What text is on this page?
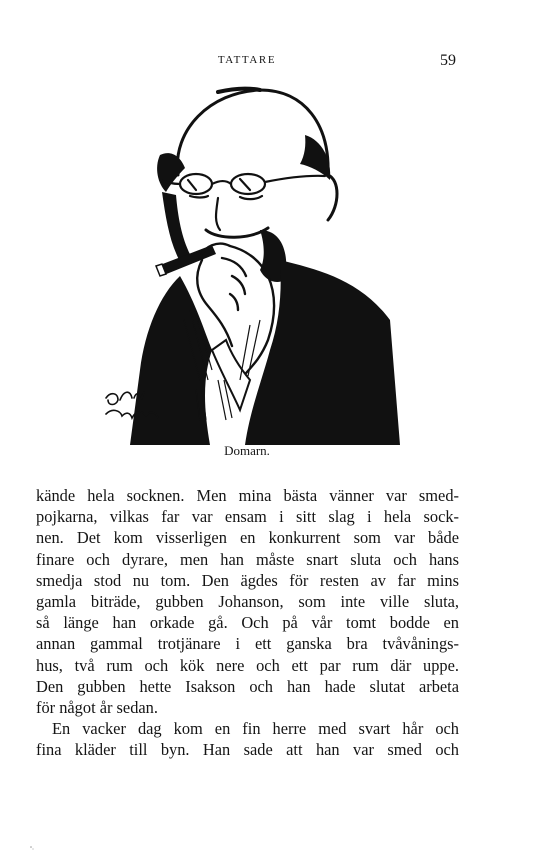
TATTARE	59
Domarn.
kände hela socknen. Men mina bästa vänner var smed-
pojkarna, vilkas far var ensam i sitt slag i hela sock-
nen. Det kom visserligen en konkurrent som var både
finare och dyrare, men han måste snart sluta och hans
smedja stod nu tom. Den ägdes för resten av far mins
gamla biträde, gubben Johanson, som inte ville sluta,
så länge han orkade gå. Och på vår tomt bodde en
annan gammal trotjänare i ett ganska bra tvåvånings-
hus, två rum och kök nere och ett par rum där uppe.
Den gubben hette Isakson och han hade slutat arbeta
för något år sedan.
En vacker dag kom en fin herre med svart hår och
fina kläder till byn. Han sade att han var smed och
